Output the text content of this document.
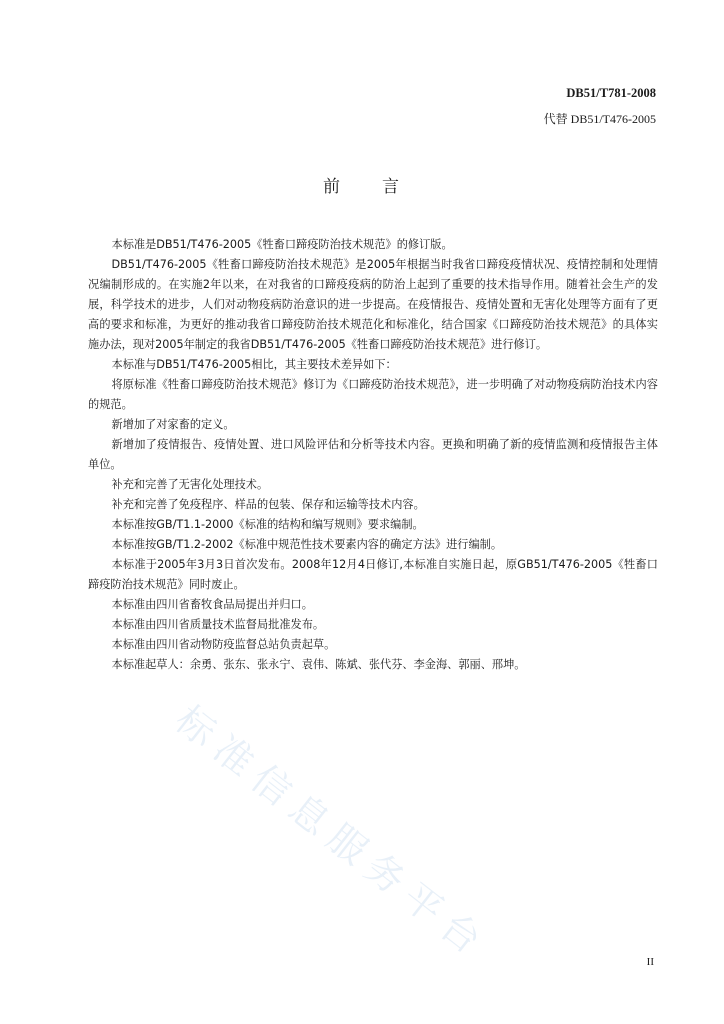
DB51/T781-2008
代替 DB51/T476-2005
前 言

本标准是DB51/T476-2005《牲畜口蹄疫防治技术规范》的修订版。

DB51/T476-2005《牲畜口蹄疫防治技术规范》是2005年根据当时我省口蹄疫疫情状况、疫情控制和处理情况编制形成的。在实施2年以来，在对我省的口蹄疫疫病的防治上起到了重要的技术指导作用。随着社会生产的发展，科学技术的进步，人们对动物疫病防治意识的进一步提高。在疫情报告、疫情处置和无害化处理等方面有了更高的要求和标准，为更好的推动我省口蹄疫防治技术规范化和标准化，结合国家《口蹄疫防治技术规范》的具体实施办法，现对2005年制定的我省DB51/T476-2005《牲畜口蹄疫防治技术规范》进行修订。

本标准与DB51/T476-2005相比，其主要技术差异如下：

将原标准《牲畜口蹄疫防治技术规范》修订为《口蹄疫防治技术规范》，进一步明确了对动物疫病防治技术内容的规范。

新增加了对家畜的定义。

新增加了疫情报告、疫情处置、进口风险评估和分析等技术内容。更换和明确了新的疫情监测和疫情报告主体单位。

补充和完善了无害化处理技术。

补充和完善了免疫程序、样品的包装、保存和运输等技术内容。

本标准按GB/T1.1-2000《标准的结构和编写规则》要求编制。

本标准按GB/T1.2-2002《标准中规范性技术要素内容的确定方法》进行编制。

本标准于2005年3月3日首次发布。2008年12月4日修订,本标准自实施日起，原GB51/T476-2005《牲畜口蹄疫防治技术规范》同时废止。

本标准由四川省畜牧食品局提出并归口。

本标准由四川省质量技术监督局批准发布。

本标准由四川省动物防疫监督总站负责起草。

本标准起草人：余勇、张东、张永宁、袁伟、陈斌、张代芬、李金海、郭丽、邢坤。

标准信息服务平台	II
